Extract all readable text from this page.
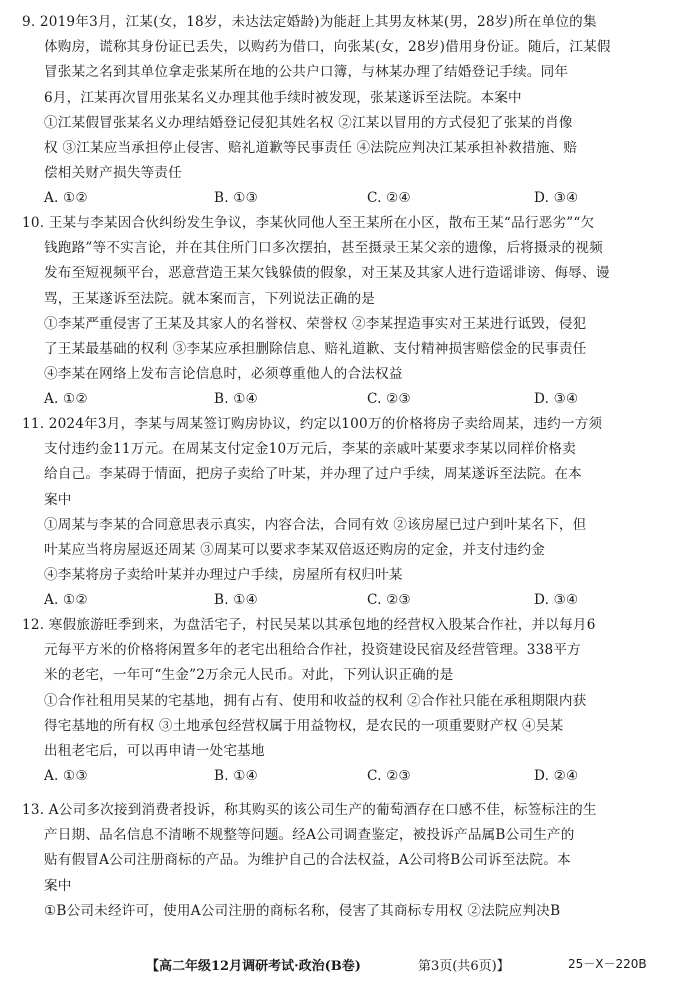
9. 2019年3月，江某(女，18岁，未达法定婚龄)为能赶上其男友林某(男，28岁)所在单位的集
体购房，谎称其身份证已丢失，以购药为借口，向张某(女，28岁)借用身份证。随后，江某假
冒张某之名到其单位拿走张某所在地的公共户口簿，与林某办理了结婚登记手续。同年
6月，江某再次冒用张某名义办理其他手续时被发现，张某遂诉至法院。本案中
①江某假冒张某名义办理结婚登记侵犯其姓名权 ②江某以冒用的方式侵犯了张某的肖像
权 ③江某应当承担停止侵害、赔礼道歉等民事责任 ④法院应判决江某承担补救措施、赔
偿相关财产损失等责任
A. ①②	B. ①③	C. ②④	D. ③④
10. 王某与李某因合伙纠纷发生争议，李某伙同他人至王某所在小区，散布王某“品行恶劣”“欠
钱跑路”等不实言论，并在其住所门口多次摆拍，甚至摄录王某父亲的遗像，后将摄录的视频
发布至短视频平台，恶意营造王某欠钱躲债的假象，对王某及其家人进行造谣诽谤、侮辱、谩
骂，王某遂诉至法院。就本案而言，下列说法正确的是
①李某严重侵害了王某及其家人的名誉权、荣誉权 ②李某捏造事实对王某进行诋毁，侵犯
了王某最基础的权利 ③李某应承担删除信息、赔礼道歉、支付精神损害赔偿金的民事责任
④李某在网络上发布言论信息时，必须尊重他人的合法权益
A. ①②	B. ①④	C. ②③	D. ③④
11. 2024年3月，李某与周某签订购房协议，约定以100万的价格将房子卖给周某，违约一方须
支付违约金11万元。在周某支付定金10万元后，李某的亲戚叶某要求李某以同样价格卖
给自己。李某碍于情面，把房子卖给了叶某，并办理了过户手续，周某遂诉至法院。在本
案中
①周某与李某的合同意思表示真实，内容合法，合同有效 ②该房屋已过户到叶某名下，但
叶某应当将房屋返还周某 ③周某可以要求李某双倍返还购房的定金，并支付违约金
④李某将房子卖给叶某并办理过户手续，房屋所有权归叶某
A. ①②	B. ①④	C. ②③	D. ③④
12. 寒假旅游旺季到来，为盘活宅子，村民吴某以其承包地的经营权入股某合作社，并以每月6
元每平方米的价格将闲置多年的老宅出租给合作社，投资建设民宿及经营管理。338平方
米的老宅，一年可“生金”2万余元人民币。对此，下列认识正确的是
①合作社租用吴某的宅基地，拥有占有、使用和收益的权利 ②合作社只能在承租期限内获
得宅基地的所有权 ③土地承包经营权属于用益物权，是农民的一项重要财产权 ④吴某
出租老宅后，可以再申请一处宅基地
A. ①③	B. ①④	C. ②③	D. ②④
13. A公司多次接到消费者投诉，称其购买的该公司生产的葡萄酒存在口感不佳，标签标注的生
产日期、品名信息不清晰不规整等问题。经A公司调查鉴定，被投诉产品属B公司生产的
贴有假冒A公司注册商标的产品。为维护自己的合法权益，A公司将B公司诉至法院。本
案中
①B公司未经许可，使用A公司注册的商标名称，侵害了其商标专用权 ②法院应判决B
【高二年级12月调研考试·政治(B卷)	第3页(共6页)】	25－X－220B
